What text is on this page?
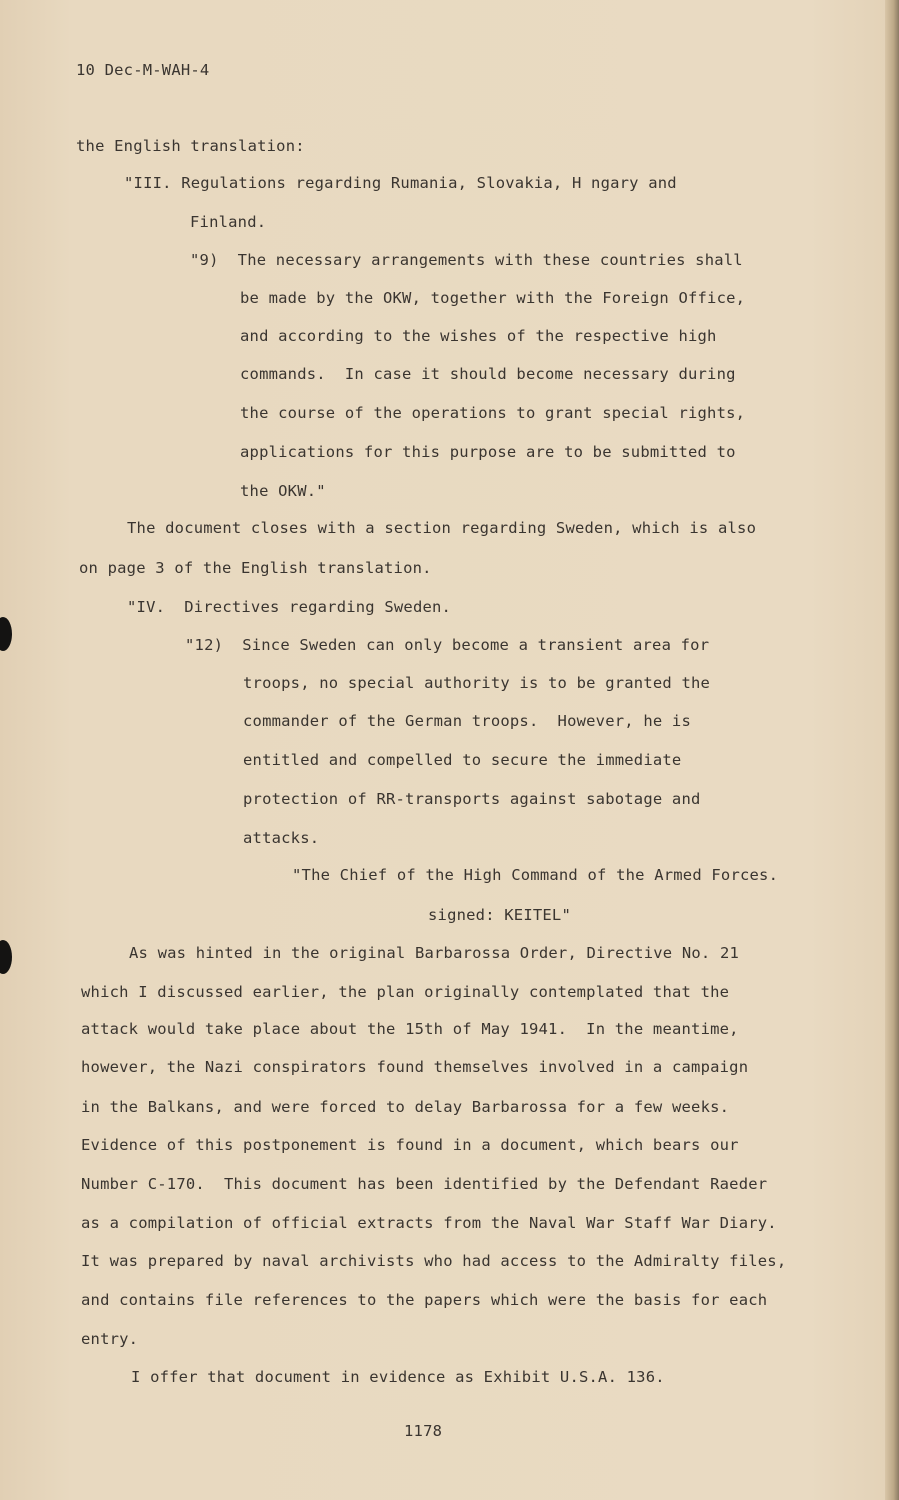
10 Dec-M-WAH-4
the English translation:
"III. Regulations regarding Rumania, Slovakia, H ngary and
Finland.
"9)  The necessary arrangements with these countries shall
be made by the OKW, together with the Foreign Office,
and according to the wishes of the respective high
commands.  In case it should become necessary during
the course of the operations to grant special rights,
applications for this purpose are to be submitted to
the OKW."
The document closes with a section regarding Sweden, which is also
on page 3 of the English translation.
"IV.  Directives regarding Sweden.
"12)  Since Sweden can only become a transient area for
troops, no special authority is to be granted the
commander of the German troops.  However, he is
entitled and compelled to secure the immediate
protection of RR-transports against sabotage and
attacks.
"The Chief of the High Command of the Armed Forces.
signed: KEITEL"
As was hinted in the original Barbarossa Order, Directive No. 21
which I discussed earlier, the plan originally contemplated that the
attack would take place about the 15th of May 1941.  In the meantime,
however, the Nazi conspirators found themselves involved in a campaign
in the Balkans, and were forced to delay Barbarossa for a few weeks.
Evidence of this postponement is found in a document, which bears our
Number C-170.  This document has been identified by the Defendant Raeder
as a compilation of official extracts from the Naval War Staff War Diary.
It was prepared by naval archivists who had access to the Admiralty files,
and contains file references to the papers which were the basis for each
entry.
I offer that document in evidence as Exhibit U.S.A. 136.
1178
